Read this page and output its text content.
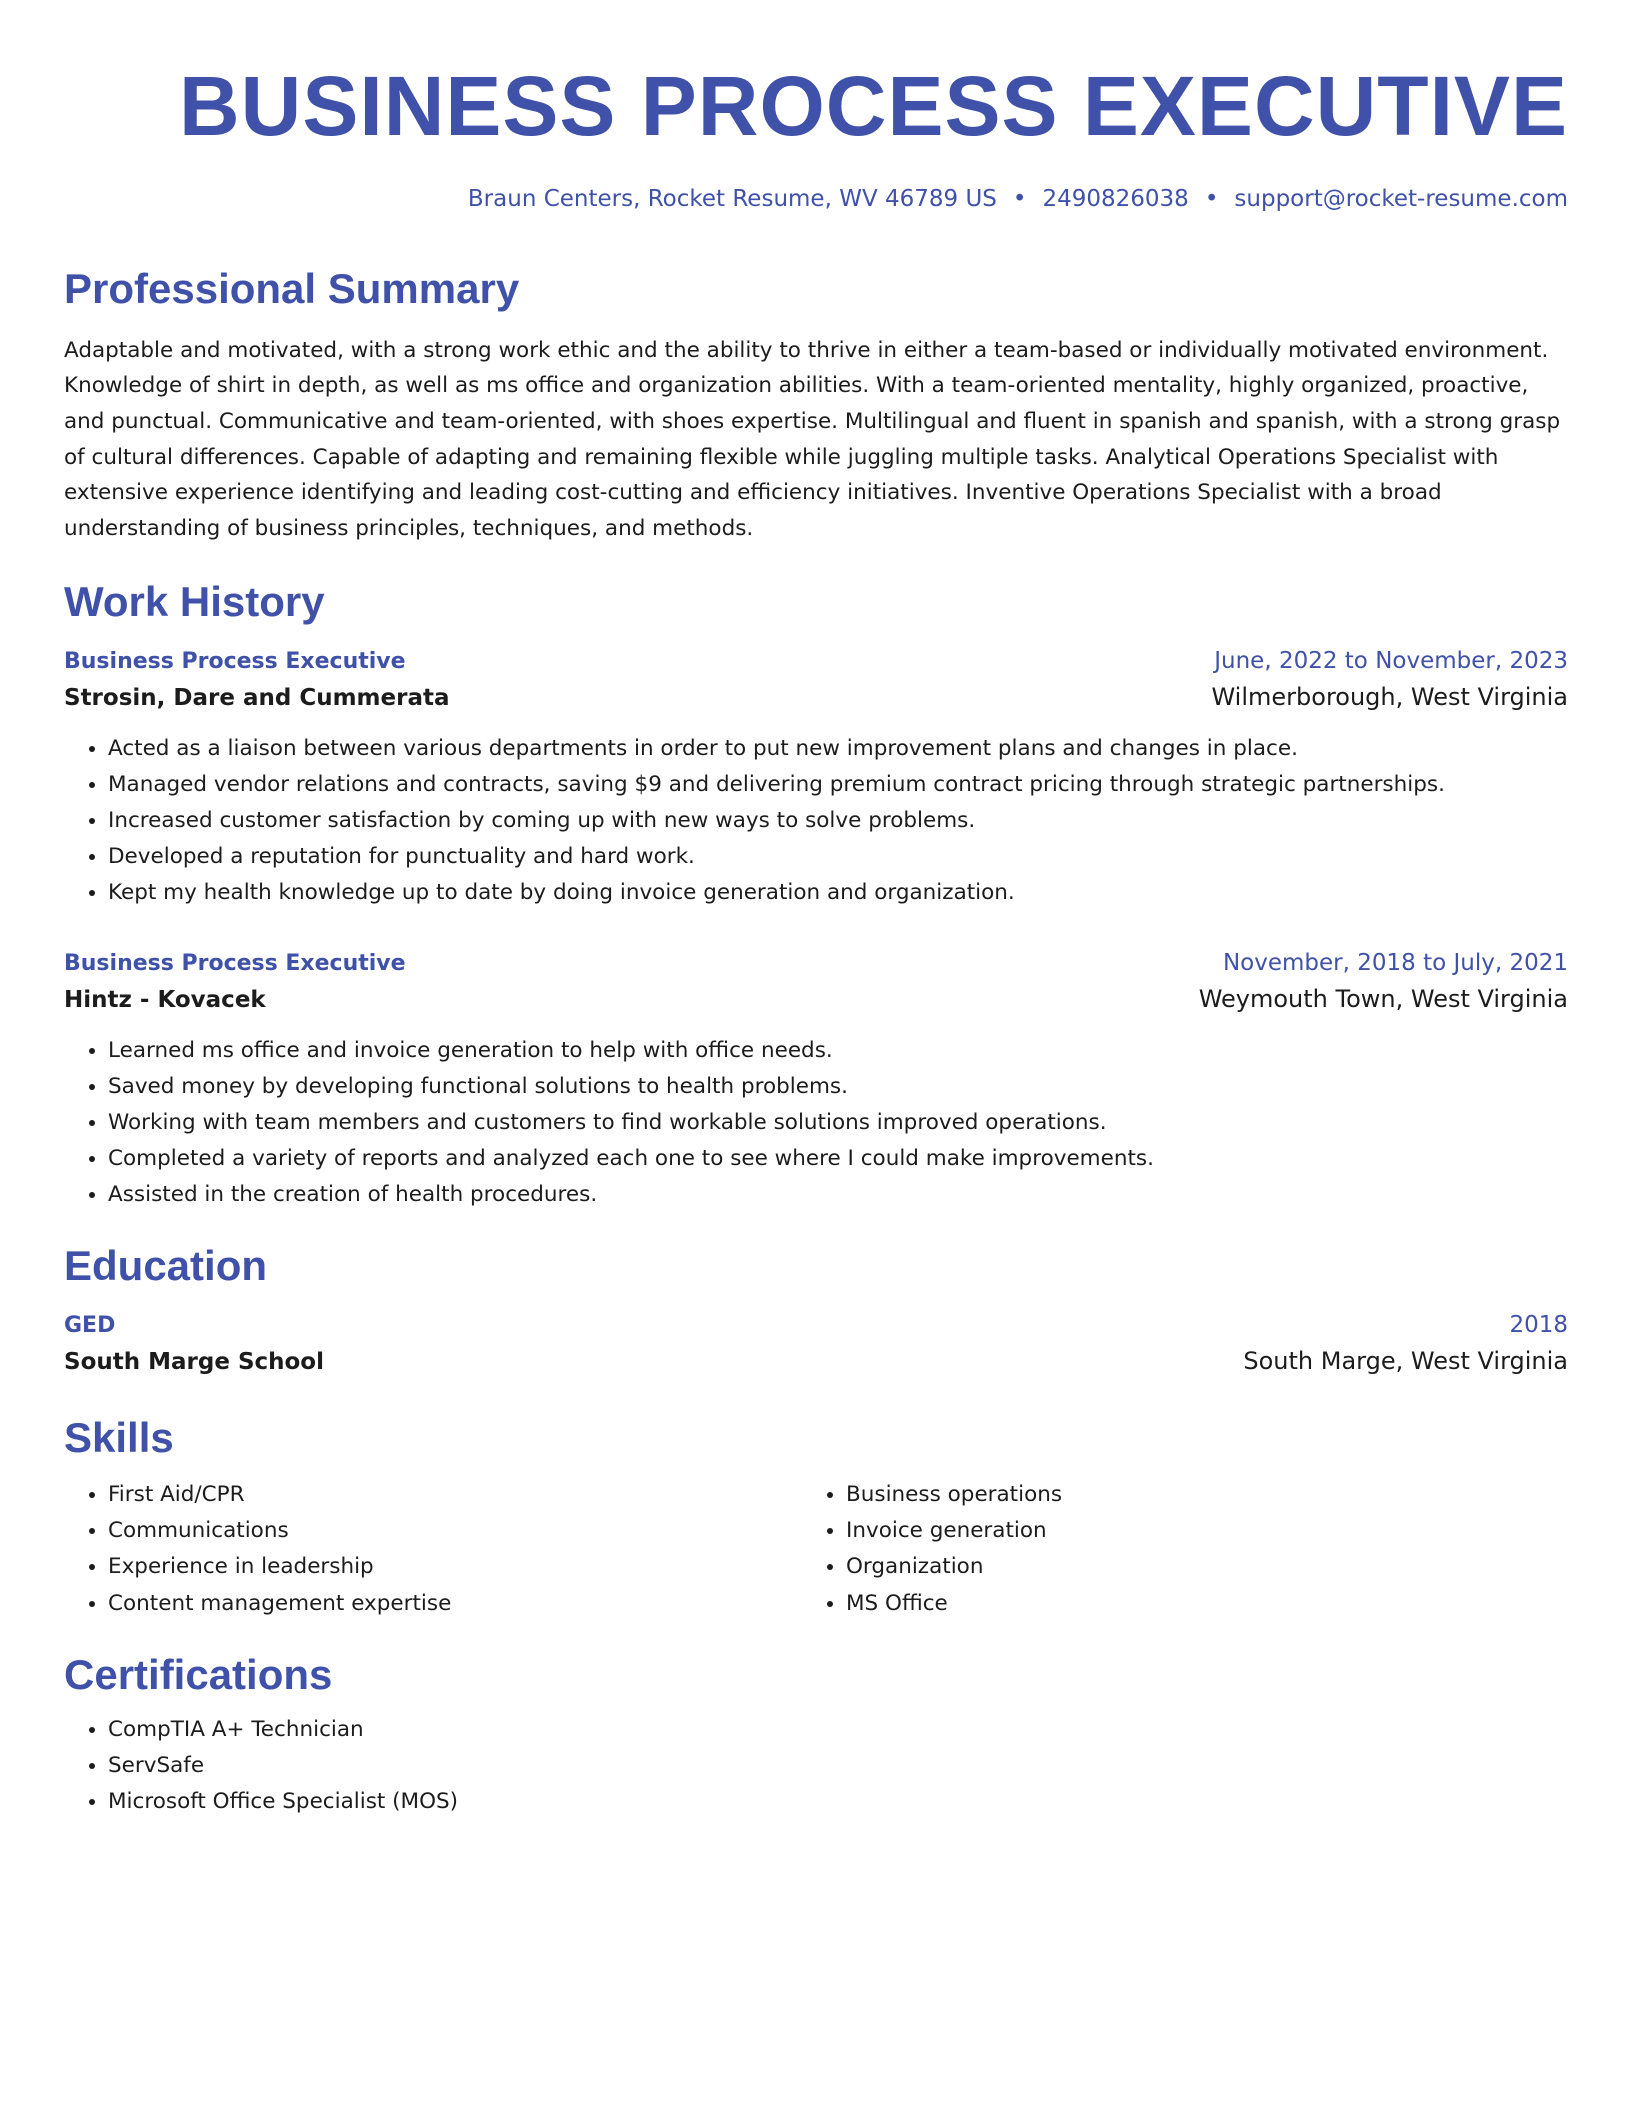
BUSINESS PROCESS EXECUTIVE
Braun Centers, Rocket Resume, WV 46789 US • 2490826038 • support@rocket-resume.com
Professional Summary
Adaptable and motivated, with a strong work ethic and the ability to thrive in either a team-based or individually motivated environment. Knowledge of shirt in depth, as well as ms office and organization abilities. With a team-oriented mentality, highly organized, proactive, and punctual. Communicative and team-oriented, with shoes expertise. Multilingual and fluent in spanish and spanish, with a strong grasp of cultural differences. Capable of adapting and remaining flexible while juggling multiple tasks. Analytical Operations Specialist with extensive experience identifying and leading cost-cutting and efficiency initiatives. Inventive Operations Specialist with a broad understanding of business principles, techniques, and methods.
Work History
Business Process Executive	June, 2022 to November, 2023
Strosin, Dare and Cummerata	Wilmerborough, West Virginia
• Acted as a liaison between various departments in order to put new improvement plans and changes in place.
• Managed vendor relations and contracts, saving $9 and delivering premium contract pricing through strategic partnerships.
• Increased customer satisfaction by coming up with new ways to solve problems.
• Developed a reputation for punctuality and hard work.
• Kept my health knowledge up to date by doing invoice generation and organization.
Business Process Executive	November, 2018 to July, 2021
Hintz - Kovacek	Weymouth Town, West Virginia
• Learned ms office and invoice generation to help with office needs.
• Saved money by developing functional solutions to health problems.
• Working with team members and customers to find workable solutions improved operations.
• Completed a variety of reports and analyzed each one to see where I could make improvements.
• Assisted in the creation of health procedures.
Education
GED	2018
South Marge School	South Marge, West Virginia
Skills
• First Aid/CPR
• Communications
• Experience in leadership
• Content management expertise
• Business operations
• Invoice generation
• Organization
• MS Office
Certifications
• CompTIA A+ Technician
• ServSafe
• Microsoft Office Specialist (MOS)
